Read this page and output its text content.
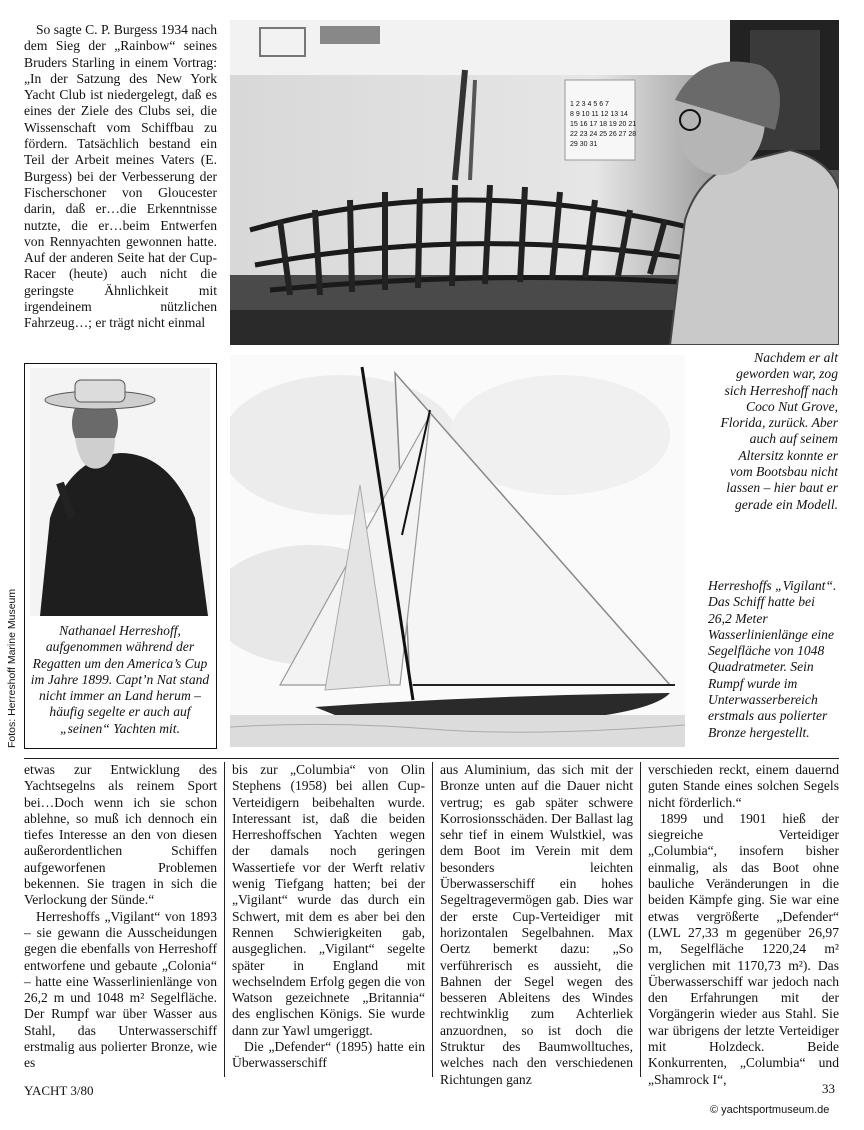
So sagte C. P. Burgess 1934 nach dem Sieg der „Rainbow“ seines Bruders Starling in einem Vortrag: „In der Satzung des New York Yacht Club ist niedergelegt, daß es eines der Ziele des Clubs sei, die Wissenschaft vom Schiffbau zu fördern. Tatsächlich bestand ein Teil der Arbeit meines Vaters (E. Burgess) bei der Verbesserung der Fischerschoner von Gloucester darin, daß er…die Erkenntnisse nutzte, die er…beim Entwerfen von Rennyachten gewonnen hatte. Auf der anderen Seite hat der Cup-Racer (heute) auch nicht die geringste Ähnlichkeit mit irgendeinem nützlichen Fahrzeug…; er trägt nicht einmal

1 2 3 4 5 6 7
8 9 10 11 12 13 14
15 16 17 18 19 20 21
22 23 24 25 26 27 28
29 30 31
Nachdem er alt geworden war, zog sich Herreshoff nach Coco Nut Grove, Florida, zurück. Aber auch auf seinem Altersitz konnte er vom Bootsbau nicht lassen – hier baut er gerade ein Modell.
Nathanael Herreshoff, aufgenommen während der Regatten um den America’s Cup im Jahre 1899. Capt’n Nat stand nicht immer an Land herum – häufig segelte er auch auf „seinen“ Yachten mit.
Fotos: Herreshoff Marine Museum
Herreshoffs „Vigilant“. Das Schiff hatte bei 26,2 Meter Wasserlinienlänge eine Segelfläche von 1048 Quadratmeter. Sein Rumpf wurde im Unterwasserbereich erstmals aus polierter Bronze hergestellt.

etwas zur Entwicklung des Yachtsegelns als reinem Sport bei…Doch wenn ich sie schon ablehne, so muß ich dennoch ein tiefes Interesse an den von diesen außerordentlichen Schiffen aufgeworfenen Problemen bekennen. Sie tragen in sich die Verlockung der Sünde.“

Herreshoffs „Vigilant“ von 1893 – sie gewann die Ausscheidungen gegen die ebenfalls von Herreshoff entworfene und gebaute „Colonia“ – hatte eine Wasserlinienlänge von 26,2 m und 1048 m² Segelfläche. Der Rumpf war über Wasser aus Stahl, das Unterwasserschiff erstmalig aus polierter Bronze, wie es

bis zur „Columbia“ von Olin Stephens (1958) bei allen Cup-Verteidigern beibehalten wurde. Interessant ist, daß die beiden Herreshoffschen Yachten wegen der damals noch geringen Wassertiefe vor der Werft relativ wenig Tiefgang hatten; bei der „Vigilant“ wurde das durch ein Schwert, mit dem es aber bei den Rennen Schwierigkeiten gab, ausgeglichen. „Vigilant“ segelte später in England mit wechselndem Erfolg gegen die von Watson gezeichnete „Britannia“ des englischen Königs. Sie wurde dann zur Yawl umgeriggt.

Die „Defender“ (1895) hatte ein Überwasserschiff

aus Aluminium, das sich mit der Bronze unten auf die Dauer nicht vertrug; es gab später schwere Korrosionsschäden. Der Ballast lag sehr tief in einem Wulstkiel, was dem Boot im Verein mit dem besonders leichten Überwasserschiff ein hohes Segeltragevermögen gab. Dies war der erste Cup-Verteidiger mit horizontalen Segelbahnen. Max Oertz bemerkt dazu: „So verführerisch es aussieht, die Bahnen der Segel wegen des besseren Ableitens des Windes rechtwinklig zum Achterliek anzuordnen, so ist doch die Struktur des Baumwolltuches, welches nach den verschiedenen Richtungen ganz

verschieden reckt, einem dauernd guten Stande eines solchen Segels nicht förderlich.“

1899 und 1901 hieß der siegreiche Verteidiger „Columbia“, insofern bisher einmalig, als das Boot ohne bauliche Veränderungen in die beiden Kämpfe ging. Sie war eine etwas vergrößerte „Defender“ (LWL 27,33 m gegenüber 26,97 m, Segelfläche 1220,24 m² verglichen mit 1170,73 m²). Das Überwasserschiff war jedoch nach den Erfahrungen mit der Vorgängerin wieder aus Stahl. Sie war übrigens der letzte Verteidiger mit Holzdeck. Beide Konkurrenten, „Columbia“ und „Shamrock I“,

YACHT 3/80	33
© yachtsportmuseum.de
